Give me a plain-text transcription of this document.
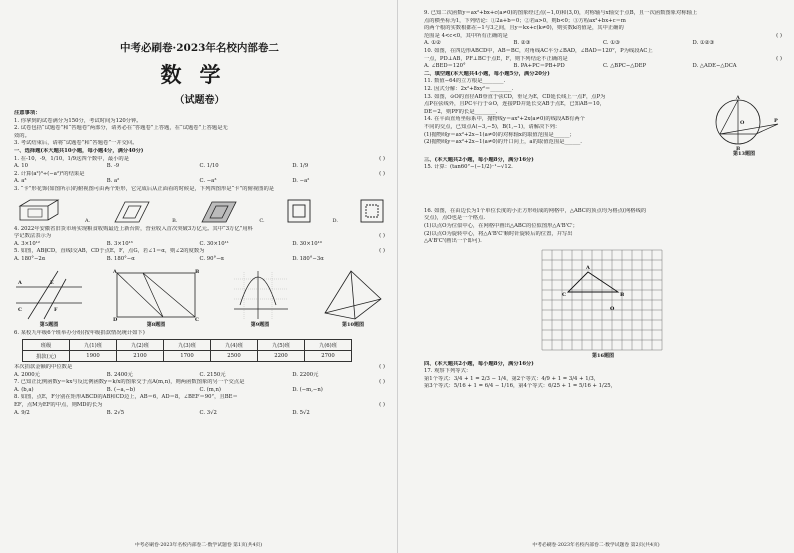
中考必刷卷·2023年名校内部卷二
数学
（试题卷）
注意事项：
1. 你拿到的试卷满分为150分，考试时间为120分钟。
2. 试卷包括“试题卷”和“答题卷”两部分，请务必在“答题卷”上答题，在“试题卷”上答题是无
效的。
3. 考试结束后，请将“试题卷”和“答题卷”一并交回。
一、选择题(本大题共10小题，每小题4分，满分40分)
( )
1. 在-10，-9，1/10，1/9这四个数中，最小的是
A. 10	B. -9	C. 1/10	D. 1/9
( )
2. 计算(a²)³÷(−a²)²的结果是
A. a³	B. a²	C. −a³	D. −a²
3. “卡”形花饰(如图所示)的俯视图可由两个矩形，它完成后从正面看的时候是，下列四图形是“卡”的俯视图的是
A.	B.	C.	D.
4. 2022年安徽省旧货市场实现粮食收购最近上新台阶，营业收入首次突破3万亿元。其中“3万亿”用科
( )
学记数法表示为
A. 3×10¹²	B. 3×10¹³	C. 30×10¹¹	D. 30×10¹⁰
( )
5. 如图，AB∥CD，直线l交AB，CD于点E，F，点G，若∠1＝α，则∠2的度数为
A. 180°−2α	B. 180°−α	C. 90°−α	D. 180°−3α
E
F
A
C
第5题图
A
D	C
B
第8题图	第9题图	第10题图
6. 某校九年级6个班举办分组(按年级捐款情况统计如下)
班级	九(1)班	九(2)班	九(3)班	九(4)班	九(5)班	九(6)班
捐款(元)	1900	2100	1700	2500	2200	2700
( )
本次捐款金额的中位数是
A. 2000元	B. 2400元	C. 2150元	D. 2200元
( )
7. 已知正比例函数y＝kx与反比例函数y＝k/x的图象交于点A(m,n)，则两函数图象的另一个交点是
A. (b,a)	B. (−a,−b)	C. (m,n)	D. (−m,−n)
8. 如图，点E，F分别在矩形ABCD的AB和CD边上，AB＝6，AD＝8，∠BEF＝90°，且BE＝
( )
EF，点M为EF的中点，则MD的长为
A. 9/2	B. 2√5	C. 3√2	D. 5√2
中考必刷卷·2023年名校内部卷二·数学试题卷 第1页(共4页)
9. 已知二次函数y＝ax²+bx+c(a≠0)的图象经过点(−1,0)和(3,0)，对称轴与x轴交于点B，且一次函数图象对称轴上
点的横坐标为1，下列结论：①2a+b＝0；②若a>0，则b<0；③方程ax²+bx+c＝m
的两个根的实数根都在−1与3之间，且y＝kx+c(k≠0)，则实数k的值是，其中正确的
( )
范围是 4<c<0，其中所有正确的是
A. ①②	B. ②③	C. ①③	D. ①②③
10. 如图，在四边形ABCD中，AB＝BC，对角线AC平分∠BAD，∠BAD＝120°，P为线段AC上
( )
一点，PD⊥AB，PF⊥BC于点E，F，则下列结论不正确的是
A. ∠BED＝120°	B. PA+PC＝PB+PD	C. △BPC∽△DEP	D. △ADE∽△DCA
二、填空题(本大题共4小题，每小题5分，满分20分)
11. 数值−64的立方根是________.
12. 因式分解：2x²+8xy²＝________.
13. 如图，⊙O的直径AB垂直于弦CD，垂足为E，CD延长线上一点F，点P为
点P在弦线外，且PC平行于⊙O，连接PD并延长交AB于点E，已知AB＝10，
DE＝2，则PF的长是________.
14. 在平面直角坐标系中，抛物线y＝ax²+2x(a≠0)的线段AB有两个
不同的交点，已知点A(−3,−5)，B(1,−1)，请解决下列：
(1)抛物线y＝ax²+2x−1(a≠0)的对称轴x的取值范围是______；
(2)抛物线y＝ax²+2x−1(a≠0)的开口向上，a的取值范围是______.
A
B
O	P
第13题图
三、(本大题共2小题，每小题8分，满分16分)
15. 计算：(tan60°−(−1/2)⁻¹−√12.
16. 如图，在由边长为1个单位长度的小正方形组成的网格中，△ABC的顶点均为格点(网格线的
交点)，点O也是一个格点.
(1)以点O为位似中心，在网格中画出△ABC的位似图形△A'B'C'；
(2)以点O为旋转中心，将△A'B'C'顺时针旋转后的位置，并写出
△A'B'C'(画出一个即可).
A
C	B
O
第16题图
四、(本大题共2小题，每小题8分，满分16分)
17. 观察下列等式：
第1个等式：3/4 + 1 = 2/3 − 1/4，第2个等式：4/9 + 1 = 3/4 + 1/3，
第3个等式：5/16 + 1 = 6/4 − 1/16，第4个等式：6/25 + 1 = 5/16 + 1/25，
中考必刷卷·2023年名校内部卷二·数学试题卷 第2页(共4页)
